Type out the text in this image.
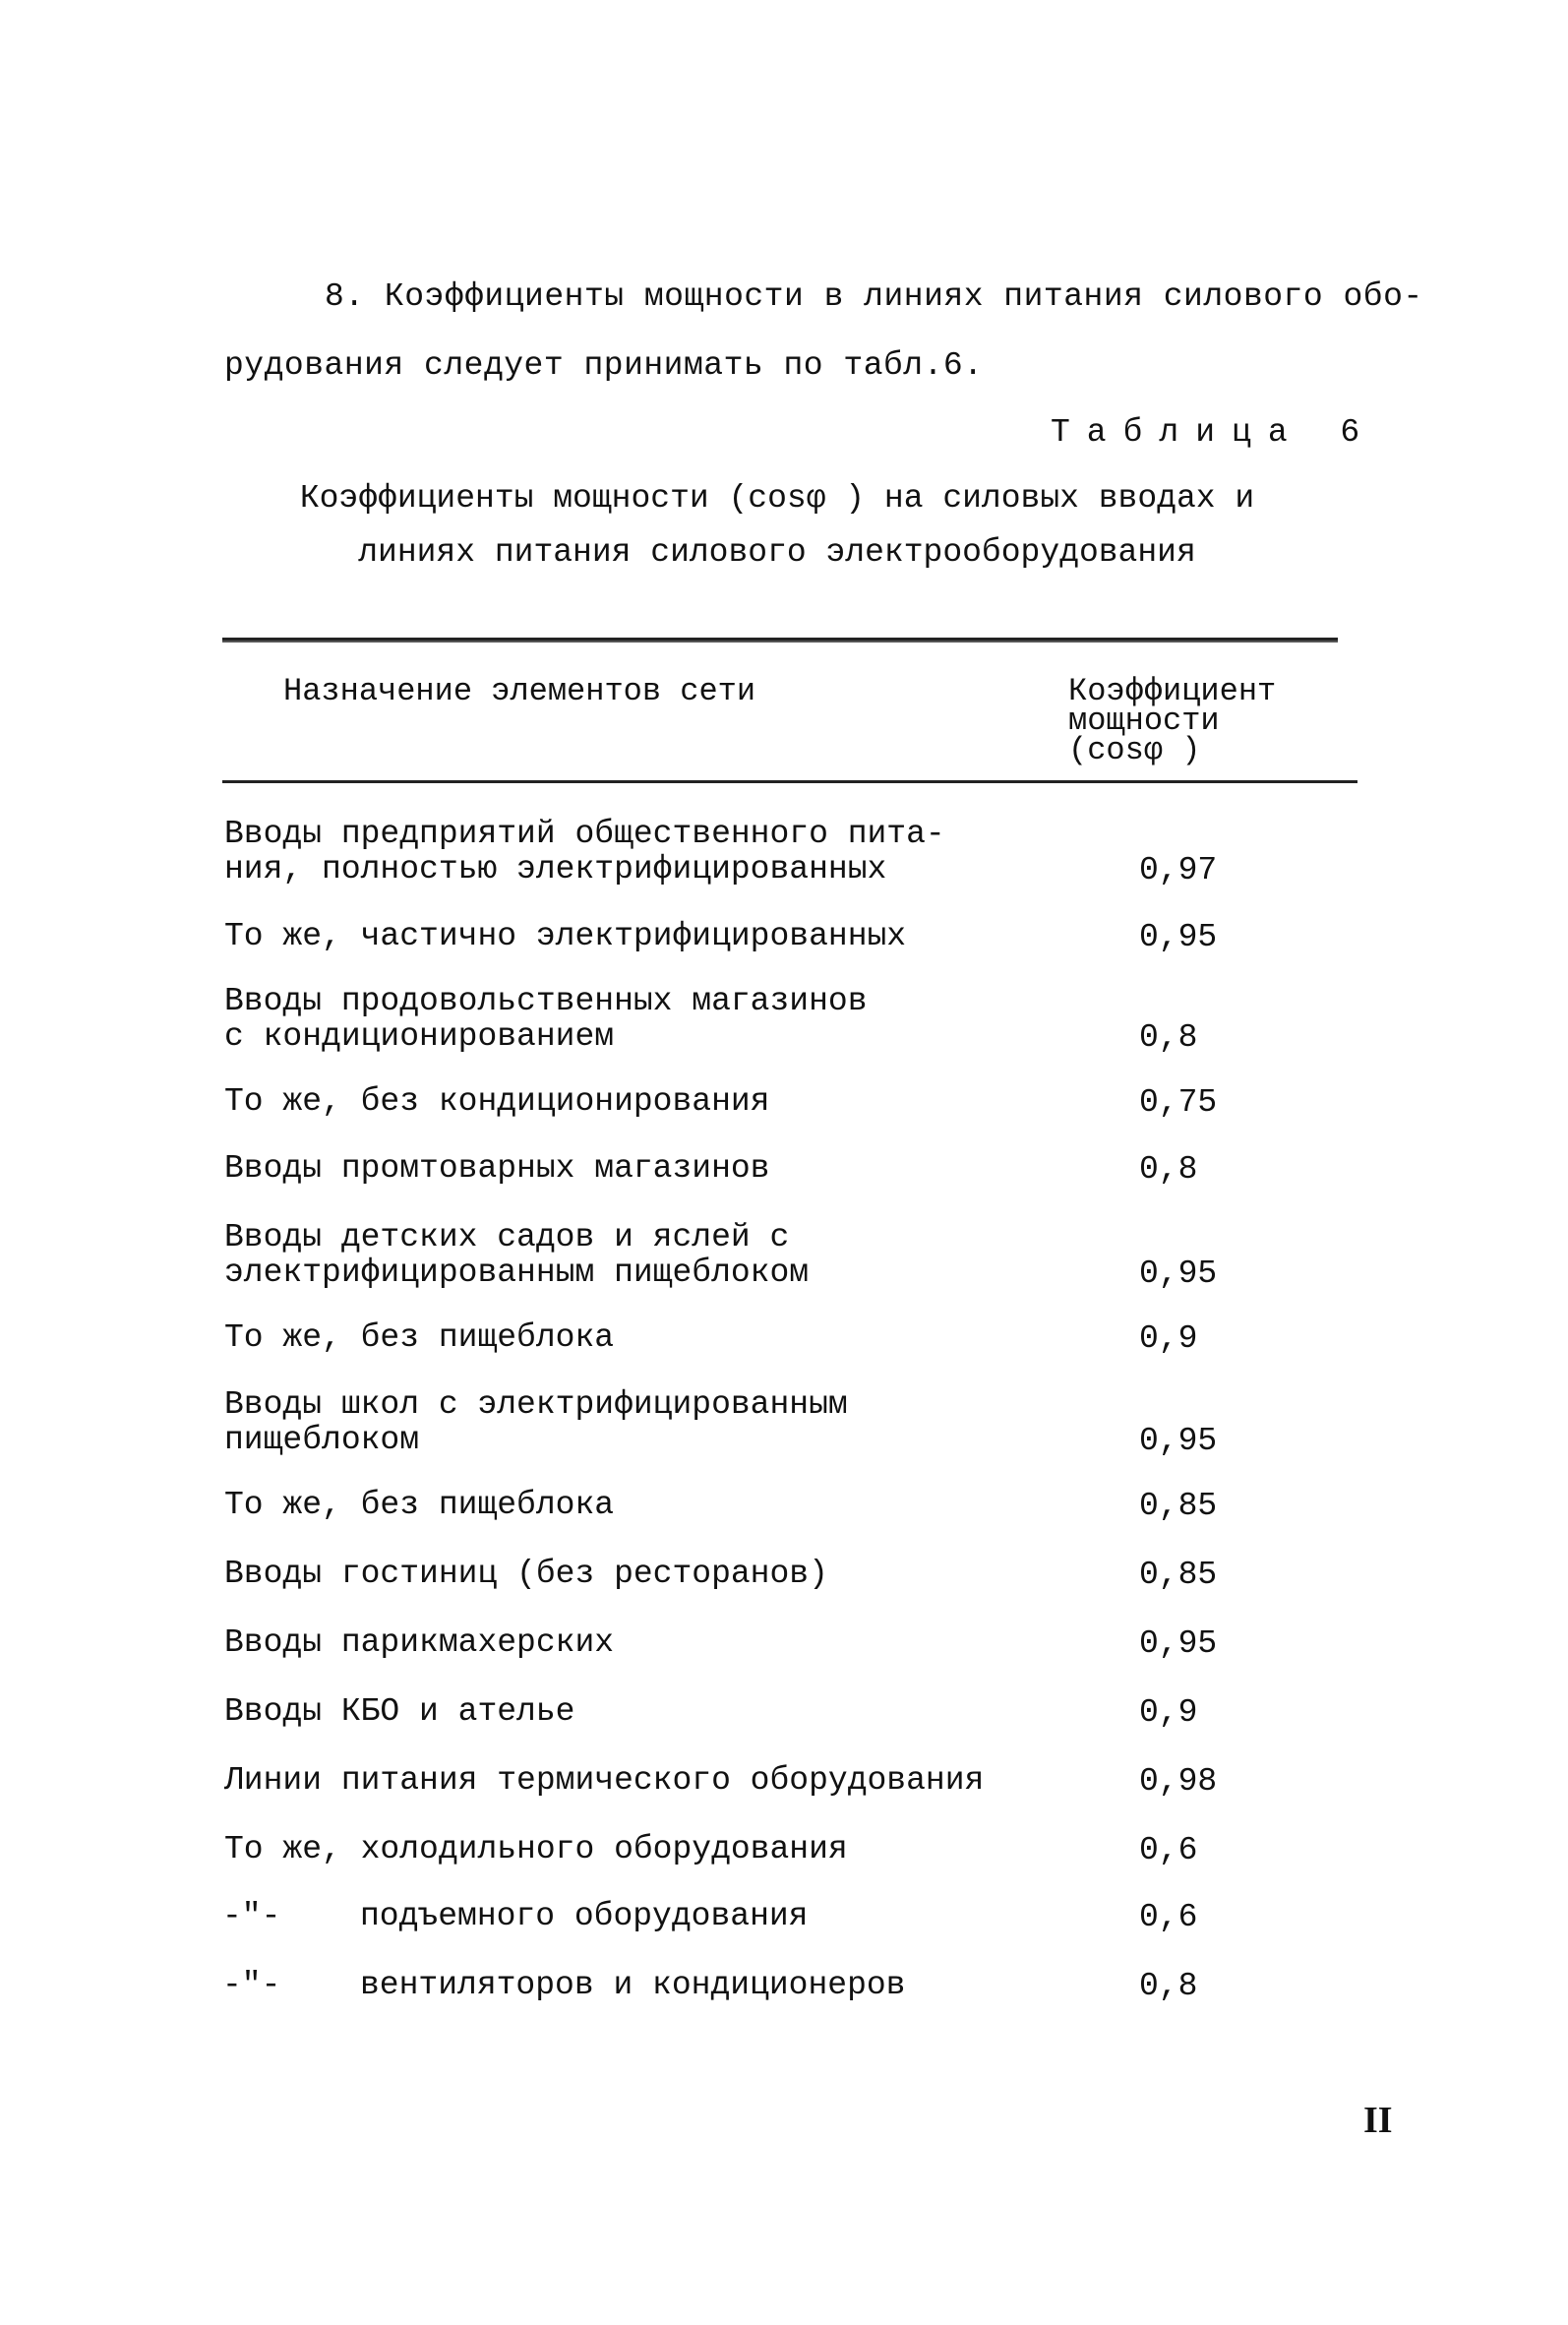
8. Коэффициенты мощности в линиях питания силового обо-
рудования следует принимать по табл.6.
Таблица 6
Коэффициенты мощности (cosφ ) на силовых вводах и
линиях питания силового электрооборудования
Назначение элементов сети	Коэффициент
мощности
(cosφ )
Вводы предприятий общественного пита-
ния, полностью электрифицированных	0,97
То же, частично электрифицированных	0,95
Вводы продовольственных магазинов
с кондиционированием	0,8
То же, без кондиционирования	0,75
Вводы промтоварных магазинов	0,8
Вводы детских садов и яслей с
электрифицированным пищеблоком	0,95
То же, без пищеблока	0,9
Вводы школ с электрифицированным
пищеблоком	0,95
То же, без пищеблока	0,85
Вводы гостиниц (без ресторанов)	0,85
Вводы парикмахерских	0,95
Вводы КБО и ателье	0,9
Линии питания термического оборудования	0,98
То же, холодильного оборудования	0,6
-"- подъемного оборудования	0,6
-"- вентиляторов и кондиционеров	0,8
II
